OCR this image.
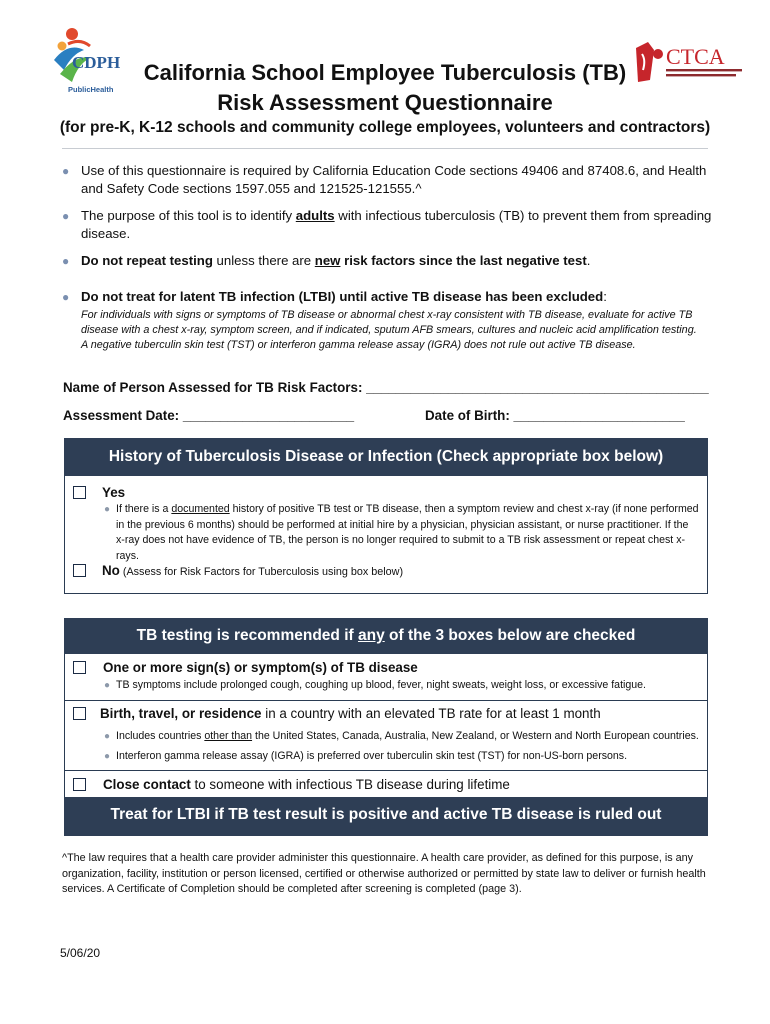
CDPH
PublicHealth
CTCA
California School Employee Tuberculosis (TB)
Risk Assessment Questionnaire
(for pre-K, K-12 schools and community college employees, volunteers and contractors)
● Use of this questionnaire is required by California Education Code sections 49406 and 87408.6, and Health and Safety Code sections 1597.055 and 121525-121555.^
● The purpose of this tool is to identify adults with infectious tuberculosis (TB) to prevent them from spreading disease.
● Do not repeat testing unless there are new risk factors since the last negative test.
● Do not treat for latent TB infection (LTBI) until active TB disease has been excluded:
For individuals with signs or symptoms of TB disease or abnormal chest x-ray consistent with TB disease, evaluate for active TB disease with a chest x-ray, symptom screen, and if indicated, sputum AFB smears, cultures and nucleic acid amplification testing.
A negative tuberculin skin test (TST) or interferon gamma release assay (IGRA) does not rule out active TB disease.
Name of Person Assessed for TB Risk Factors: ______________________________________________
Assessment Date: _______________________	Date of Birth: _______________________
History of Tuberculosis Disease or Infection (Check appropriate box below)
Yes
● If there is a documented history of positive TB test or TB disease, then a symptom review and chest x-ray (if none performed in the previous 6 months) should be performed at initial hire by a physician, physician assistant, or nurse practitioner. If the x-ray does not have evidence of TB, the person is no longer required to submit to a TB risk assessment or repeat chest x-rays.
No (Assess for Risk Factors for Tuberculosis using box below)
TB testing is recommended if any of the 3 boxes below are checked
One or more sign(s) or symptom(s) of TB disease
● TB symptoms include prolonged cough, coughing up blood, fever, night sweats, weight loss, or excessive fatigue.
Birth, travel, or residence in a country with an elevated TB rate for at least 1 month
● Includes countries other than the United States, Canada, Australia, New Zealand, or Western and North European countries.
● Interferon gamma release assay (IGRA) is preferred over tuberculin skin test (TST) for non-US-born persons.
Close contact to someone with infectious TB disease during lifetime
Treat for LTBI if TB test result is positive and active TB disease is ruled out
^The law requires that a health care provider administer this questionnaire. A health care provider, as defined for this purpose, is any organization, facility, institution or person licensed, certified or otherwise authorized or permitted by state law to deliver or furnish health services. A Certificate of Completion should be completed after screening is completed (page 3).
5/06/20
